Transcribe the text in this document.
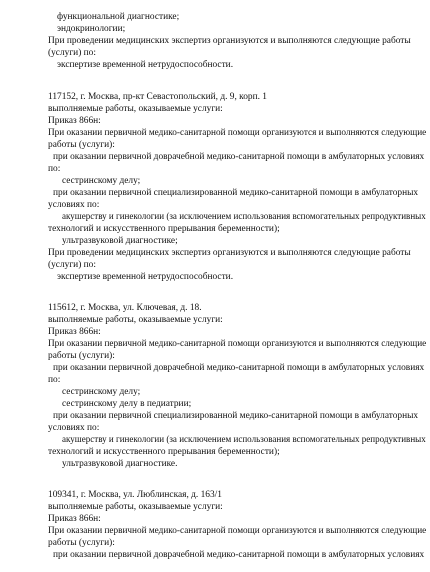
функциональной диагностике;
эндокринологии;
При проведении медицинских экспертиз организуются и выполняются следующие работы
(услуги) по:
экспертизе временной нетрудоспособности.
117152, г. Москва, пр-кт Севастопольский, д. 9, корп. 1
выполняемые работы, оказываемые услуги:
Приказ 866н:
При оказании первичной медико-санитарной помощи организуются и выполняются следующие
работы (услуги):
при оказании первичной доврачебной медико-санитарной помощи в амбулаторных условиях
по:
сестринскому делу;
при оказании первичной специализированной медико-санитарной помощи в амбулаторных
условиях по:
акушерству и гинекологии (за исключением использования вспомогательных репродуктивных
технологий и искусственного прерывания беременности);
ультразвуковой диагностике;
При проведении медицинских экспертиз организуются и выполняются следующие работы
(услуги) по:
экспертизе временной нетрудоспособности.
115612, г. Москва, ул. Ключевая, д. 18.
выполняемые работы, оказываемые услуги:
Приказ 866н:
При оказании первичной медико-санитарной помощи организуются и выполняются следующие
работы (услуги):
при оказании первичной доврачебной медико-санитарной помощи в амбулаторных условиях
по:
сестринскому делу;
сестринскому делу в педиатрии;
при оказании первичной специализированной медико-санитарной помощи в амбулаторных
условиях по:
акушерству и гинекологии (за исключением использования вспомогательных репродуктивных
технологий и искусственного прерывания беременности);
ультразвуковой диагностике.
109341, г. Москва, ул. Люблинская, д. 163/1
выполняемые работы, оказываемые услуги:
Приказ 866н:
При оказании первичной медико-санитарной помощи организуются и выполняются следующие
работы (услуги):
при оказании первичной доврачебной медико-санитарной помощи в амбулаторных условиях
